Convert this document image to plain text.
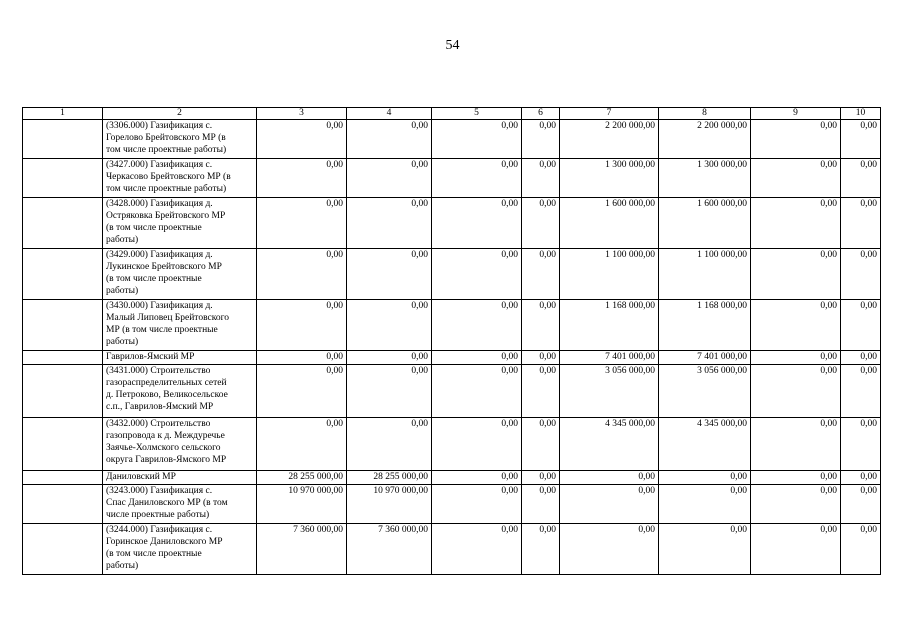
54
1	2	3	4	5	6	7	8	9	10
	(3306.000) Газификация с.
Горелово Брейтовского МР (в
том числе проектные работы)	0,00	0,00	0,00	0,00	2 200 000,00	2 200 000,00	0,00	0,00
	(3427.000) Газификация с.
Черкасово Брейтовского МР (в
том числе проектные работы)	0,00	0,00	0,00	0,00	1 300 000,00	1 300 000,00	0,00	0,00
	(3428.000) Газификация д.
Остряковка Брейтовского МР
(в том числе проектные
работы)	0,00	0,00	0,00	0,00	1 600 000,00	1 600 000,00	0,00	0,00
	(3429.000) Газификация д.
Лукинское Брейтовского МР
(в том числе проектные
работы)	0,00	0,00	0,00	0,00	1 100 000,00	1 100 000,00	0,00	0,00
	(3430.000) Газификация д.
Малый Липовец Брейтовского
МР (в том числе проектные
работы)	0,00	0,00	0,00	0,00	1 168 000,00	1 168 000,00	0,00	0,00
	Гаврилов-Ямский МР	0,00	0,00	0,00	0,00	7 401 000,00	7 401 000,00	0,00	0,00
	(3431.000) Строительство
газораспределительных сетей
д. Петроково, Великосельское
с.п., Гаврилов-Ямский МР	0,00	0,00	0,00	0,00	3 056 000,00	3 056 000,00	0,00	0,00
	(3432.000) Строительство
газопровода к д. Междуречье
Заячье-Холмского сельского
округа Гаврилов-Ямского МР	0,00	0,00	0,00	0,00	4 345 000,00	4 345 000,00	0,00	0,00
	Даниловский МР	28 255 000,00	28 255 000,00	0,00	0,00	0,00	0,00	0,00	0,00
	(3243.000) Газификация с.
Спас Даниловского МР (в том
числе проектные работы)	10 970 000,00	10 970 000,00	0,00	0,00	0,00	0,00	0,00	0,00
	(3244.000) Газификация с.
Горинское Даниловского МР
(в том числе проектные
работы)	7 360 000,00	7 360 000,00	0,00	0,00	0,00	0,00	0,00	0,00
